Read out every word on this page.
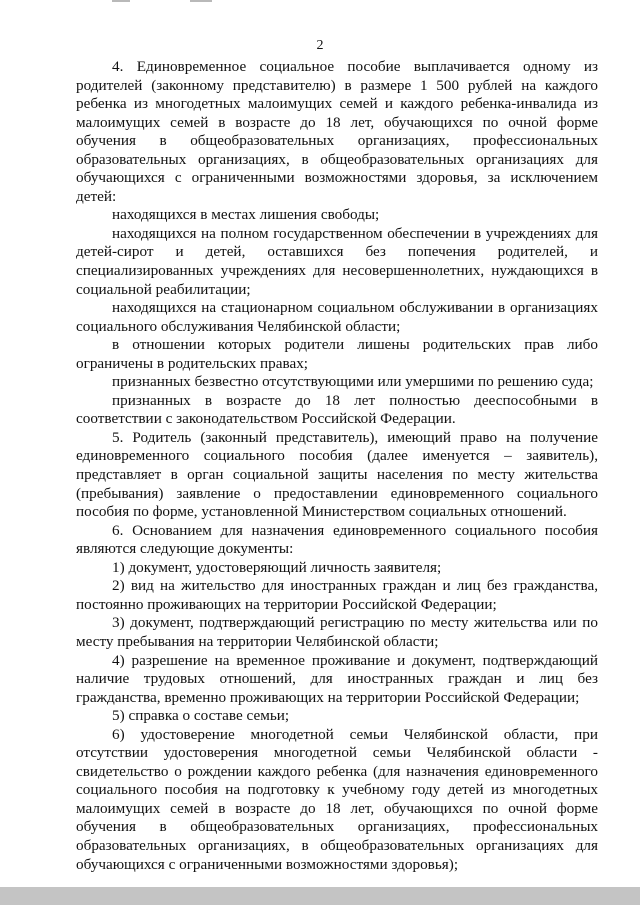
2

4. Единовременное социальное пособие выплачивается одному из родителей (законному представителю) в размере 1 500 рублей на каждого ребенка из многодетных малоимущих семей и каждого ребенка-инвалида из малоимущих семей в возрасте до 18 лет, обучающихся по очной форме обучения в общеобразовательных организациях, профессиональных образовательных организациях, в общеобразовательных организациях для обучающихся с ограниченными возможностями здоровья, за исключением детей:

находящихся в местах лишения свободы;

находящихся на полном государственном обеспечении в учреждениях для детей-сирот и детей, оставшихся без попечения родителей, и специализированных учреждениях для несовершеннолетних, нуждающихся в социальной реабилитации;

находящихся на стационарном социальном обслуживании в организациях социального обслуживания Челябинской области;

в отношении которых родители лишены родительских прав либо ограничены в родительских правах;

признанных безвестно отсутствующими или умершими по решению суда;

признанных в возрасте до 18 лет полностью дееспособными в соответствии с законодательством Российской Федерации.

5. Родитель (законный представитель), имеющий право на получение единовременного социального пособия (далее именуется – заявитель), представляет в орган социальной защиты населения по месту жительства (пребывания) заявление о предоставлении единовременного социального пособия по форме, установленной Министерством социальных отношений.

6. Основанием для назначения единовременного социального пособия являются следующие документы:

1) документ, удостоверяющий личность заявителя;

2) вид на жительство для иностранных граждан и лиц без гражданства, постоянно проживающих на территории Российской Федерации;

3) документ, подтверждающий регистрацию по месту жительства или по месту пребывания на территории Челябинской области;

4) разрешение на временное проживание и документ, подтверждающий наличие трудовых отношений, для иностранных граждан и лиц без гражданства, временно проживающих на территории Российской Федерации;

5) справка о составе семьи;

6) удостоверение многодетной семьи Челябинской области, при отсутствии удостоверения многодетной семьи Челябинской области - свидетельство о рождении каждого ребенка (для назначения единовременного социального пособия на подготовку к учебному году детей из многодетных малоимущих семей в возрасте до 18 лет, обучающихся по очной форме обучения в общеобразовательных организациях, профессиональных образовательных организациях, в общеобразовательных организациях для обучающихся с ограниченными возможностями здоровья);
